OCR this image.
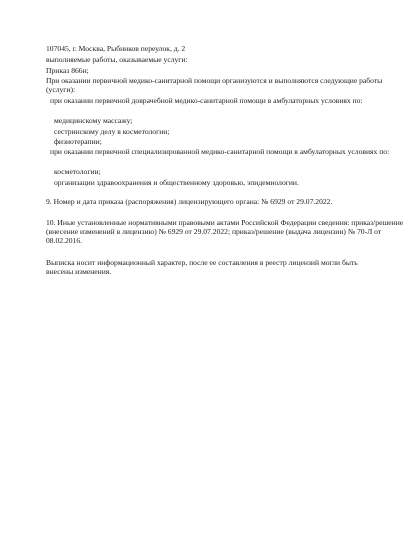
107045, г. Москва, Рыбников переулок, д. 2
выполняемые работы, оказываемые услуги:
Приказ 866н;
При оказании первичной медико-санитарной помощи организуются и выполняются следующие работы (услуги):
при оказании первичной доврачебной медико-санитарной помощи в амбулаторных условиях по:
медицинскому массажу;
сестринскому делу в косметологии;
физиотерапии;
при оказании первичной специализированной медико-санитарной помощи в амбулаторных условиях по:
косметологии;
организации здравоохранения и общественному здоровью, эпидемиологии.
9. Номер и дата приказа (распоряжения) лицензирующего органа: № 6929 от 29.07.2022.
10. Иные установленные нормативными правовыми актами Российской Федерации сведения: приказ/решение (внесение изменений в лицензию) № 6929 от 29.07.2022; приказ/решение (выдача лицензии) № 70-Л от 08.02.2016.
Выписка носит информационный характер, после ее составления в реестр лицензий могли быть внесены изменения.
